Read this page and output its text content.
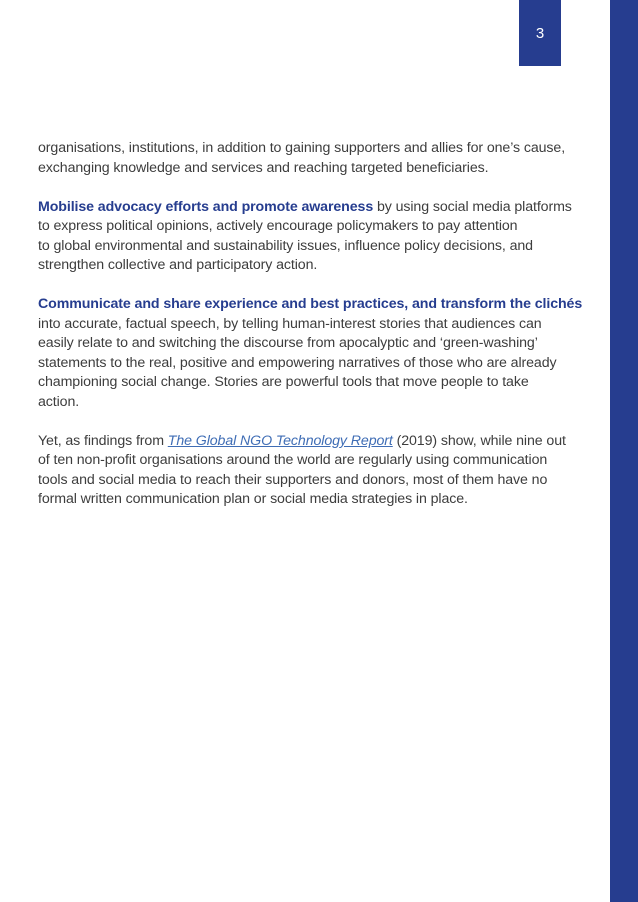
3

organisations, institutions, in addition to gaining supporters and allies for one’s cause,
exchanging knowledge and services and reaching targeted beneficiaries.

Mobilise advocacy efforts and promote awareness by using social media platforms
to express political opinions, actively encourage policymakers to pay attention
to global environmental and sustainability issues, influence policy decisions, and
strengthen collective and participatory action.

Communicate and share experience and best practices, and transform the clichés
into accurate, factual speech, by telling human-interest stories that audiences can
easily relate to and switching the discourse from apocalyptic and ‘green-washing’
statements to the real, positive and empowering narratives of those who are already
championing social change. Stories are powerful tools that move people to take
action.

Yet, as findings from The Global NGO Technology Report (2019) show, while nine out
of ten non-profit organisations around the world are regularly using communication
tools and social media to reach their supporters and donors, most of them have no
formal written communication plan or social media strategies in place.
